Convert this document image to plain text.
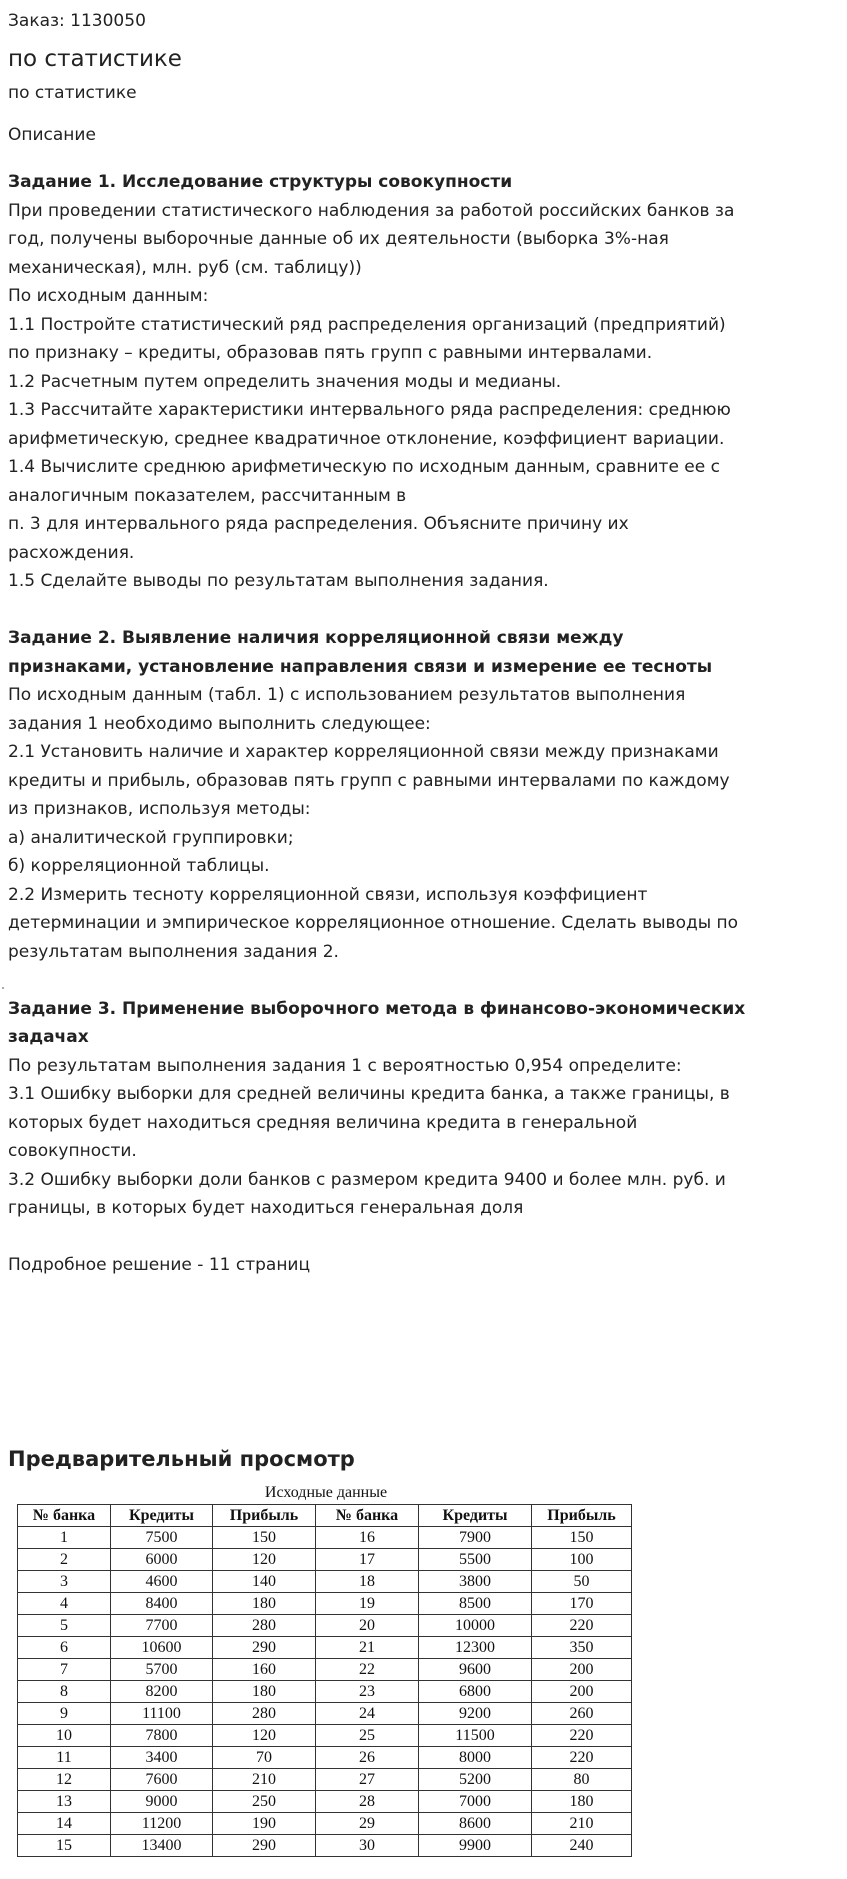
Заказ: 1130050
по статистике
по статистике
Описание
Задание 1. Исследование структуры совокупности
При проведении статистического наблюдения за работой российских банков за
год, получены выборочные данные об их деятельности (выборка 3%-ная
механическая), млн. руб (см. таблицу))
По исходным данным:
1.1 Постройте статистический ряд распределения организаций (предприятий)
по признаку – кредиты, образовав пять групп с равными интервалами.
1.2 Расчетным путем определить значения моды и медианы.
1.3 Рассчитайте характеристики интервального ряда распределения: среднюю
арифметическую, среднее квадратичное отклонение, коэффициент вариации.
1.4 Вычислите среднюю арифметическую по исходным данным, сравните ее с
аналогичным показателем, рассчитанным в
п. 3 для интервального ряда распределения. Объясните причину их
расхождения.
1.5 Сделайте выводы по результатам выполнения задания.
Задание 2. Выявление наличия корреляционной связи между
признаками, установление направления связи и измерение ее тесноты
По исходным данным (табл. 1) с использованием результатов выполнения
задания 1 необходимо выполнить следующее:
2.1 Установить наличие и характер корреляционной связи между признаками
кредиты и прибыль, образовав пять групп с равными интервалами по каждому
из признаков, используя методы:
а) аналитической группировки;
б) корреляционной таблицы.
2.2 Измерить тесноту корреляционной связи, используя коэффициент
детерминации и эмпирическое корреляционное отношение. Сделать выводы по
результатам выполнения задания 2.
Задание 3. Применение выборочного метода в финансово-экономических
задачах
По результатам выполнения задания 1 с вероятностью 0,954 определите:
3.1 Ошибку выборки для средней величины кредита банка, а также границы, в
которых будет находиться средняя величина кредита в генеральной
совокупности.
3.2 Ошибку выборки доли банков с размером кредита 9400 и более млн. руб. и
границы, в которых будет находиться генеральная доля
Подробное решение - 11 страниц
Предварительный просмотр
Исходные данные
№ банка	Кредиты	Прибыль	№ банка	Кредиты	Прибыль
1	7500	150	16	7900	150
2	6000	120	17	5500	100
3	4600	140	18	3800	50
4	8400	180	19	8500	170
5	7700	280	20	10000	220
6	10600	290	21	12300	350
7	5700	160	22	9600	200
8	8200	180	23	6800	200
9	11100	280	24	9200	260
10	7800	120	25	11500	220
11	3400	70	26	8000	220
12	7600	210	27	5200	80
13	9000	250	28	7000	180
14	11200	190	29	8600	210
15	13400	290	30	9900	240
